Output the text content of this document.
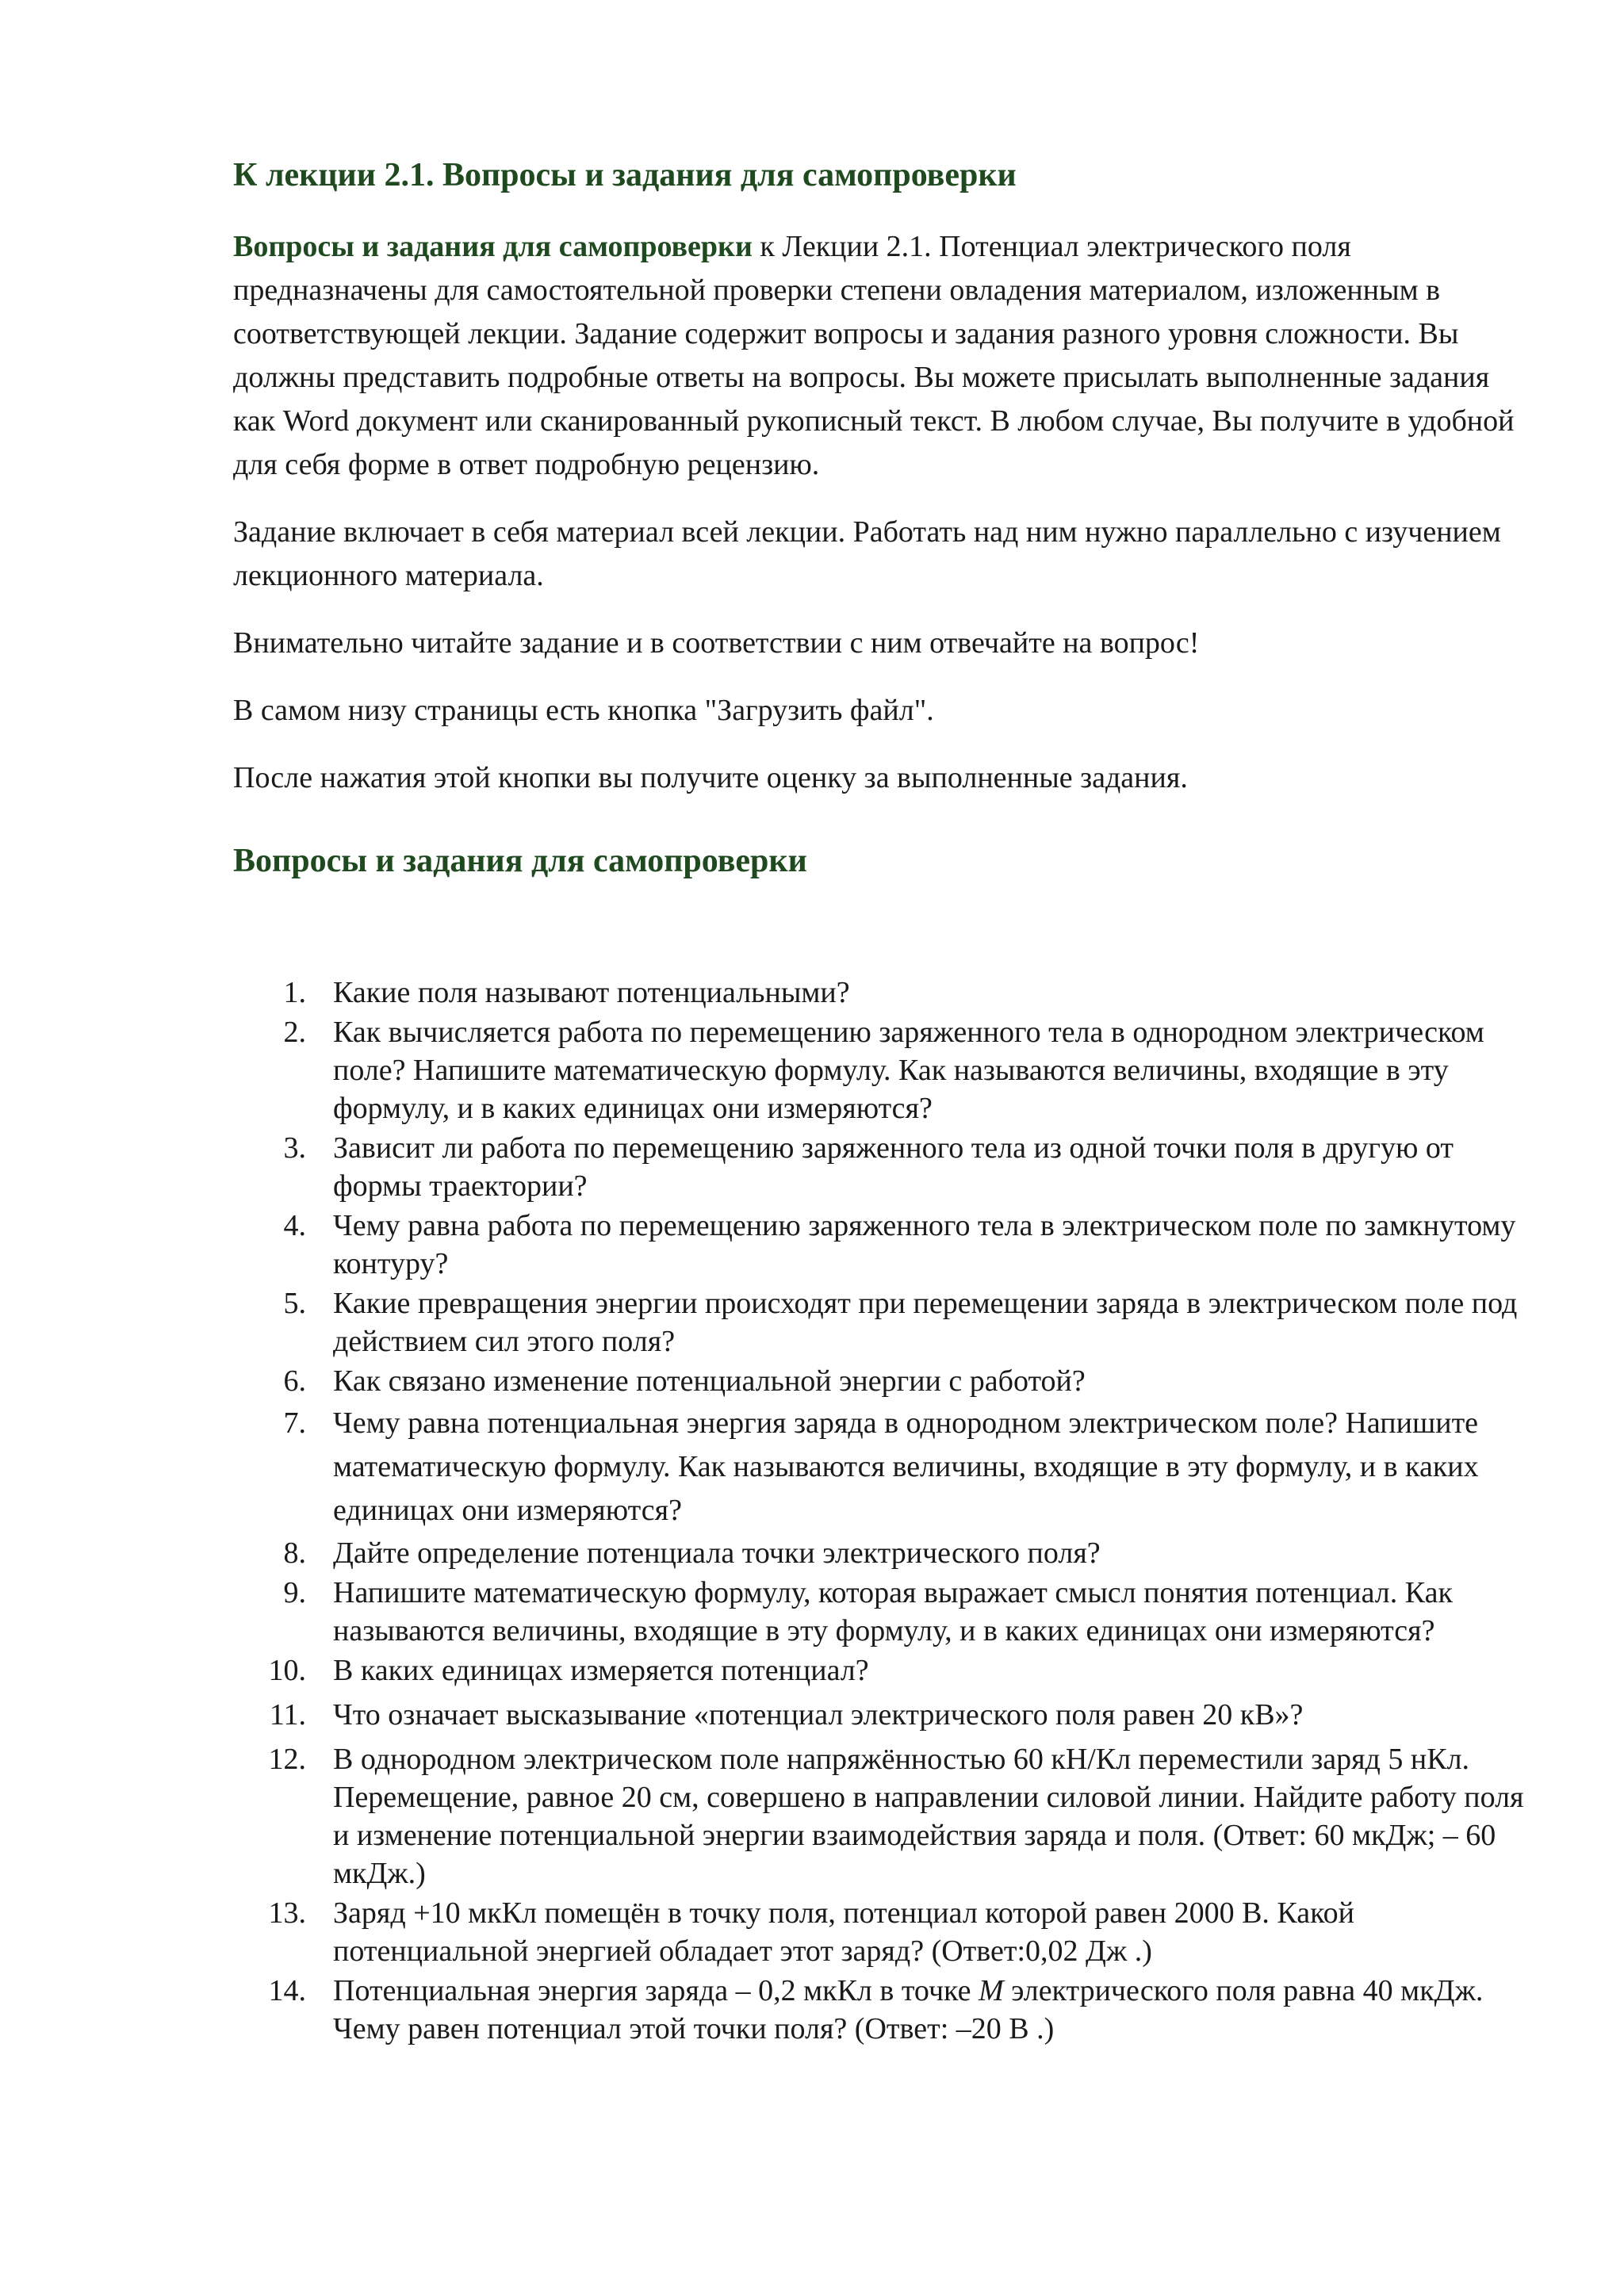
К лекции 2.1. Вопросы и задания для самопроверки

Вопросы и задания для самопроверки к Лекции 2.1. Потенциал электрического поля предназначены для самостоятельной проверки степени овладения материалом, изложенным в соответствующей лекции. Задание содержит вопросы и задания разного уровня сложности. Вы должны представить подробные ответы на вопросы. Вы можете присылать выполненные задания как Word документ или сканированный рукописный текст. В любом случае, Вы получите в удобной для себя форме в ответ подробную рецензию.

Задание включает в себя материал всей лекции. Работать над ним нужно параллельно с изучением лекционного материала.

Внимательно читайте задание и в соответствии с ним отвечайте на вопрос!

В самом низу страницы есть кнопка "Загрузить файл".

После нажатия этой кнопки вы получите оценку за выполненные задания.

Вопросы и задания для самопроверки
1. Какие поля называют потенциальными?
2. Как вычисляется работа по перемещению заряженного тела в однородном электрическом поле? Напишите математическую формулу. Как называются величины, входящие в эту формулу, и в каких единицах они измеряются?
3. Зависит ли работа по перемещению заряженного тела из одной точки поля в другую от формы траектории?
4. Чему равна работа по перемещению заряженного тела в электрическом поле по замкнутому контуру?
5. Какие превращения энергии происходят при перемещении заряда в электрическом поле под действием сил этого поля?
6. Как связано изменение потенциальной энергии с работой?
7. Чему равна потенциальная энергия заряда в однородном электрическом поле? Напишите математическую формулу. Как называются величины, входящие в эту формулу, и в каких единицах они измеряются?
8. Дайте определение потенциала точки электрического поля?
9. Напишите математическую формулу, которая выражает смысл понятия потенциал. Как называются величины, входящие в эту формулу, и в каких единицах они измеряются?
10. В каких единицах измеряется потенциал?
11. Что означает высказывание «потенциал электрического поля равен 20 кВ»?
12. В однородном электрическом поле напряжённостью 60 кН/Кл переместили заряд 5 нКл. Перемещение, равное 20 см, совершено в направлении силовой линии. Найдите работу поля и изменение потенциальной энергии взаимодействия заряда и поля. (Ответ: 60 мкДж; – 60 мкДж.)
13. Заряд +10 мкКл помещён в точку поля, потенциал которой равен 2000 В. Какой потенциальной энергией обладает этот заряд? (Ответ:0,02 Дж .)
14. Потенциальная энергия заряда – 0,2 мкКл в точке M электрического поля равна 40 мкДж. Чему равен потенциал этой точки поля? (Ответ: –20 В .)
